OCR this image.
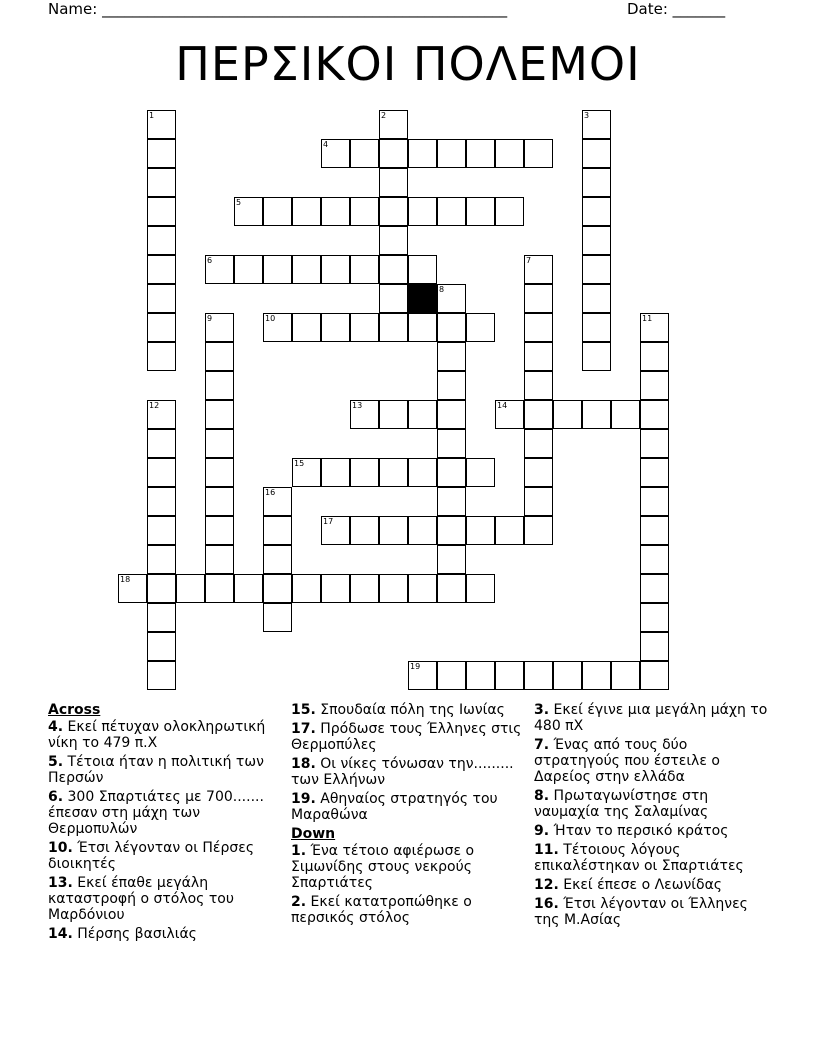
Name: ______________________________________________________	Date: _______
ΠΕΡΣΙΚΟΙ ΠΟΛΕΜΟΙ
4
5
6
10
13	14
15
17
18
19
1	2	3
7
8
9	11
12
16
Across
4. Εκεί πέτυχαν ολοκληρωτική νίκη το 479 π.Χ
5. Τέτοια ήταν η πολιτική των Περσών
6. 300 Σπαρτιάτες με 700....... έπεσαν στη μάχη των Θερμοπυλών
10. Έτσι λέγονταν οι Πέρσες διοικητές
13. Εκεί έπαθε μεγάλη καταστροφή ο στόλος του Μαρδόνιου
14. Πέρσης βασιλιάς
15. Σπουδαία πόλη της Ιωνίας
17. Πρόδωσε τους Έλληνες στις Θερμοπύλες
18. Οι νίκες τόνωσαν την......... των Ελλήνων
19. Αθηναίος στρατηγός του Μαραθώνα
Down
1. Ένα τέτοιο αφιέρωσε ο Σιμωνίδης στους νεκρούς Σπαρτιάτες
2. Εκεί κατατροπώθηκε ο περσικός στόλος
3. Εκεί έγινε μια μεγάλη μάχη το 480 πΧ
7. Ένας από τους δύο στρατηγούς που έστειλε ο Δαρείος στην ελλάδα
8. Πρωταγωνίστησε στη ναυμαχία της Σαλαμίνας
9. Ήταν το περσικό κράτος
11. Τέτοιους λόγους επικαλέστηκαν οι Σπαρτιάτες
12. Εκεί έπεσε ο Λεωνίδας
16. Έτσι λέγονταν οι Έλληνες της Μ.Ασίας
